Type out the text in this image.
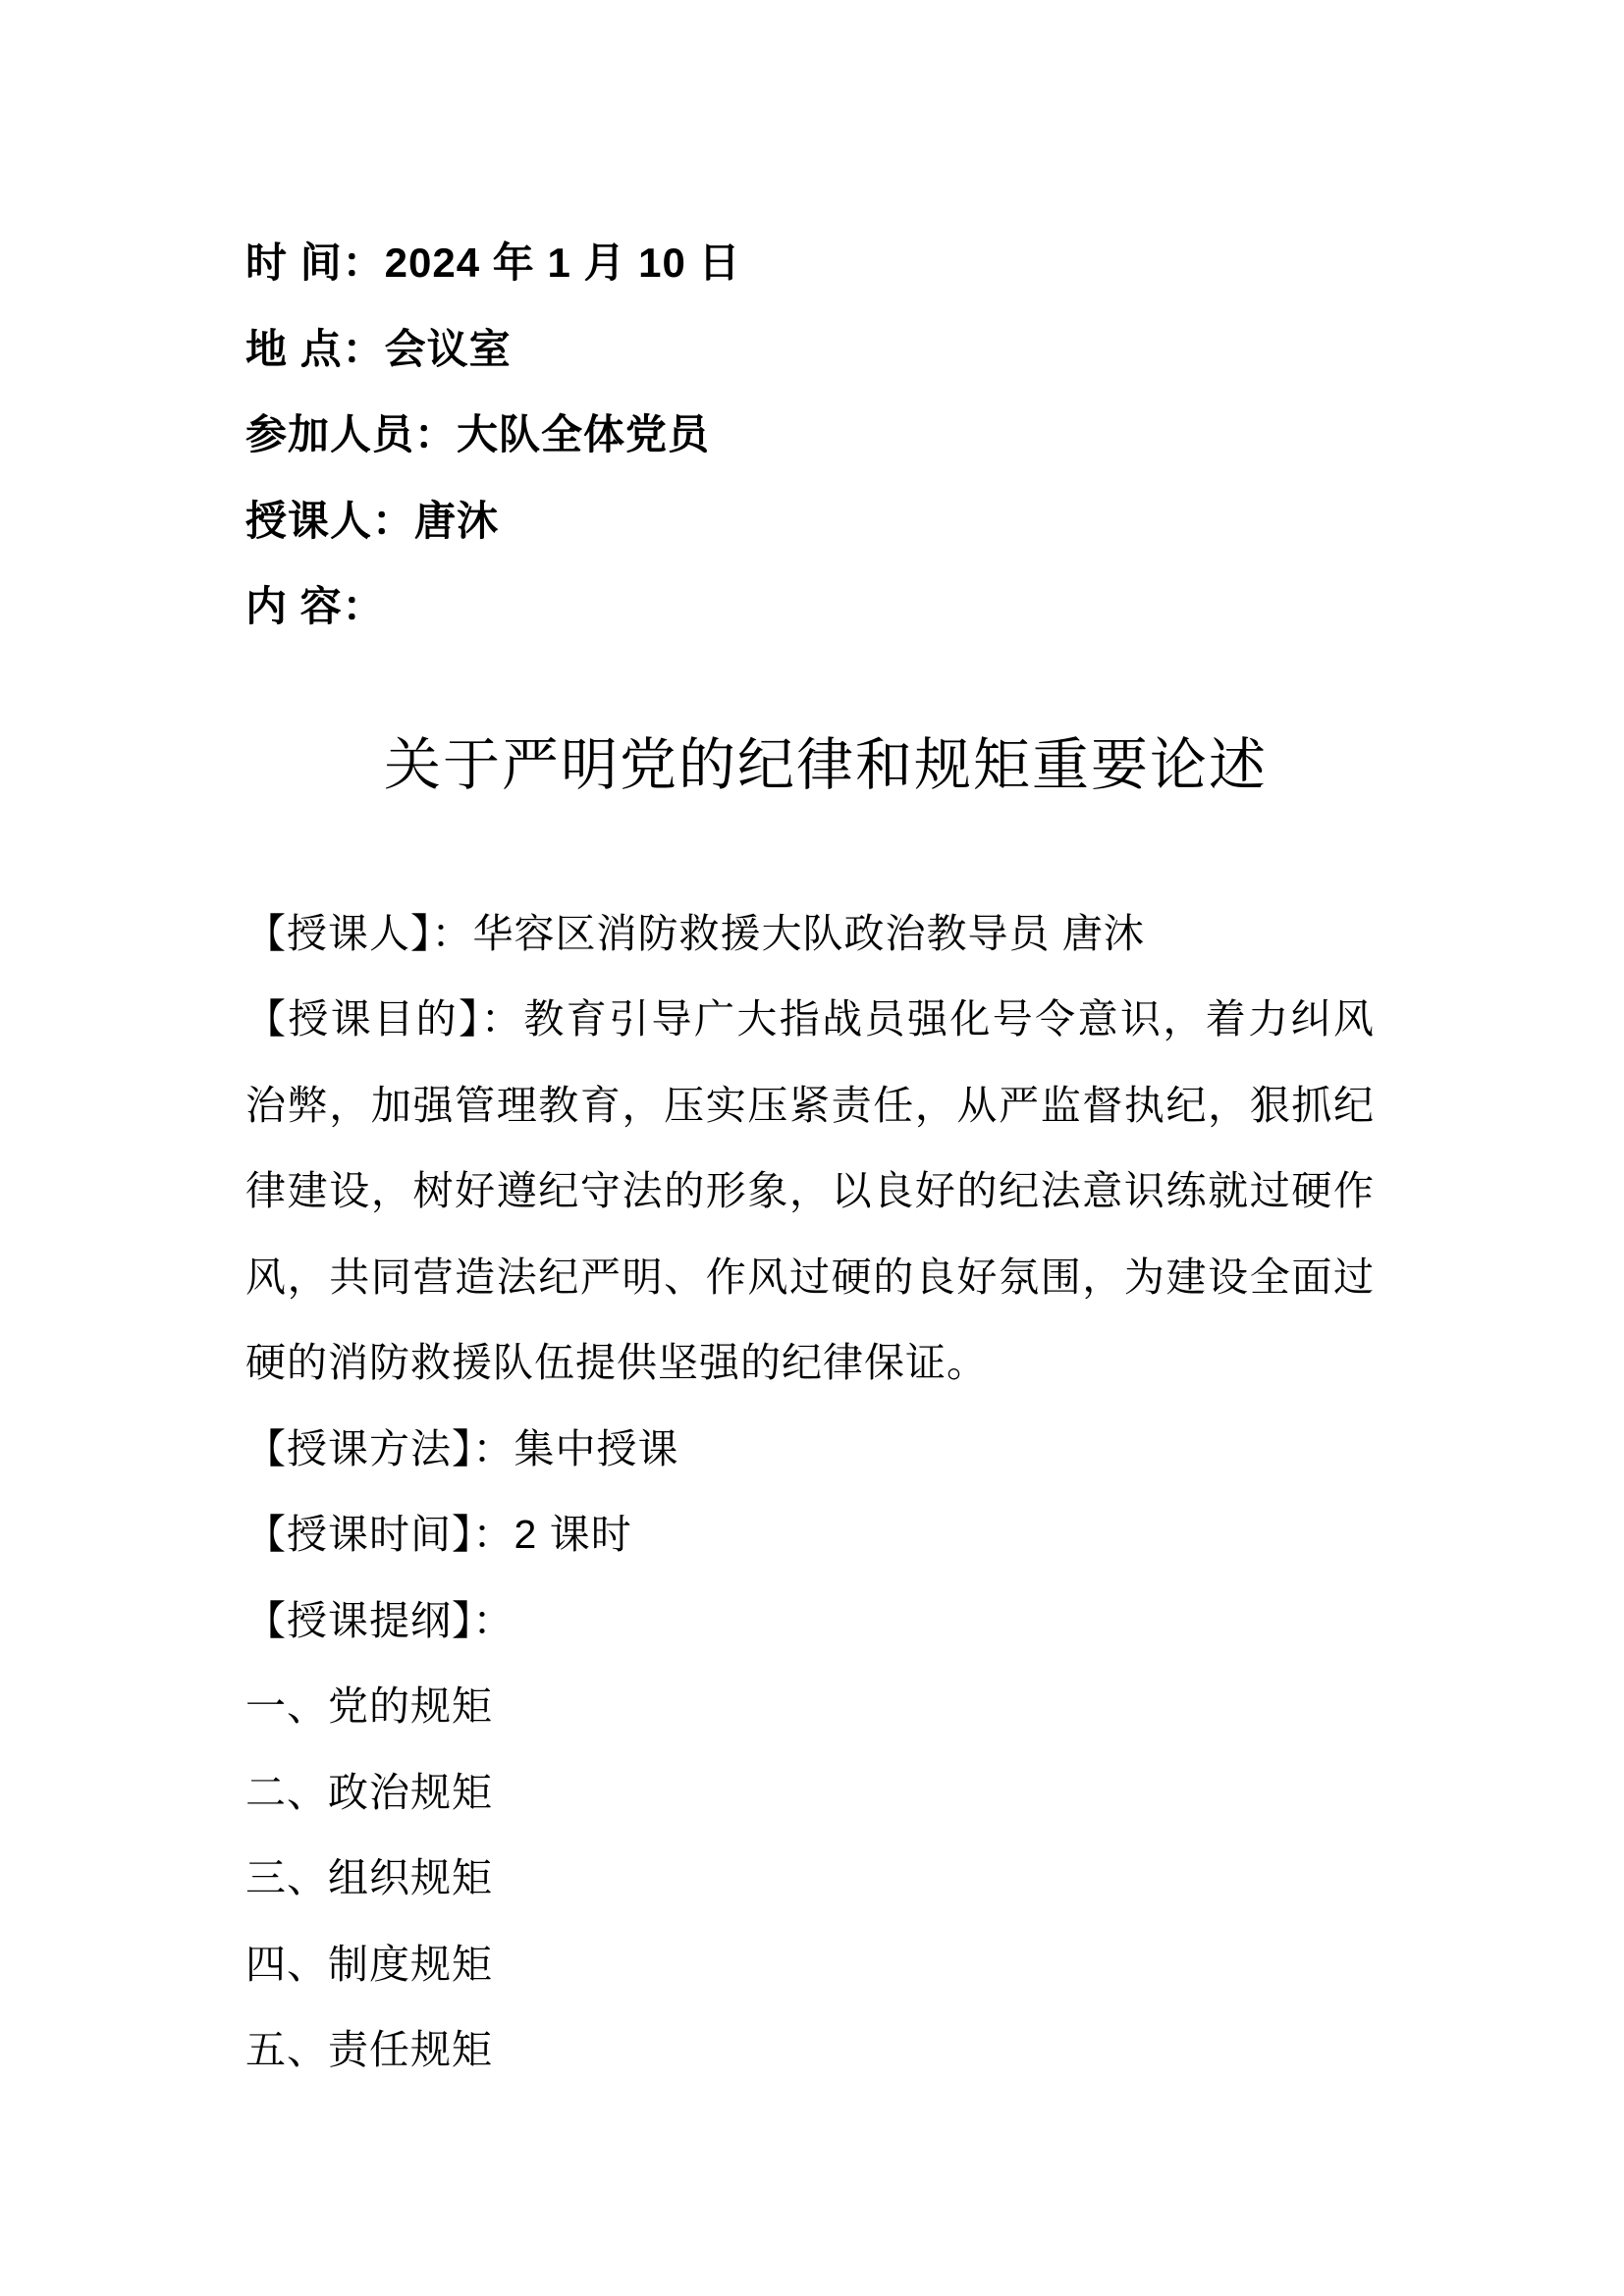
时 间：2024 年 1 月 10 日

地 点：会议室

参加人员：大队全体党员

授课人：唐沐

内 容：

关于严明党的纪律和规矩重要论述

【授课人】：华容区消防救援大队政治教导员 唐沐

【授课目的】：教育引导广大指战员强化号令意识，着力纠风治弊，加强管理教育，压实压紧责任，从严监督执纪，狠抓纪律建设，树好遵纪守法的形象，以良好的纪法意识练就过硬作风，共同营造法纪严明、作风过硬的良好氛围，为建设全面过硬的消防救援队伍提供坚强的纪律保证。

【授课方法】：集中授课

【授课时间】：2 课时

【授课提纲】：

一、党的规矩

二、政治规矩

三、组织规矩

四、制度规矩

五、责任规矩
